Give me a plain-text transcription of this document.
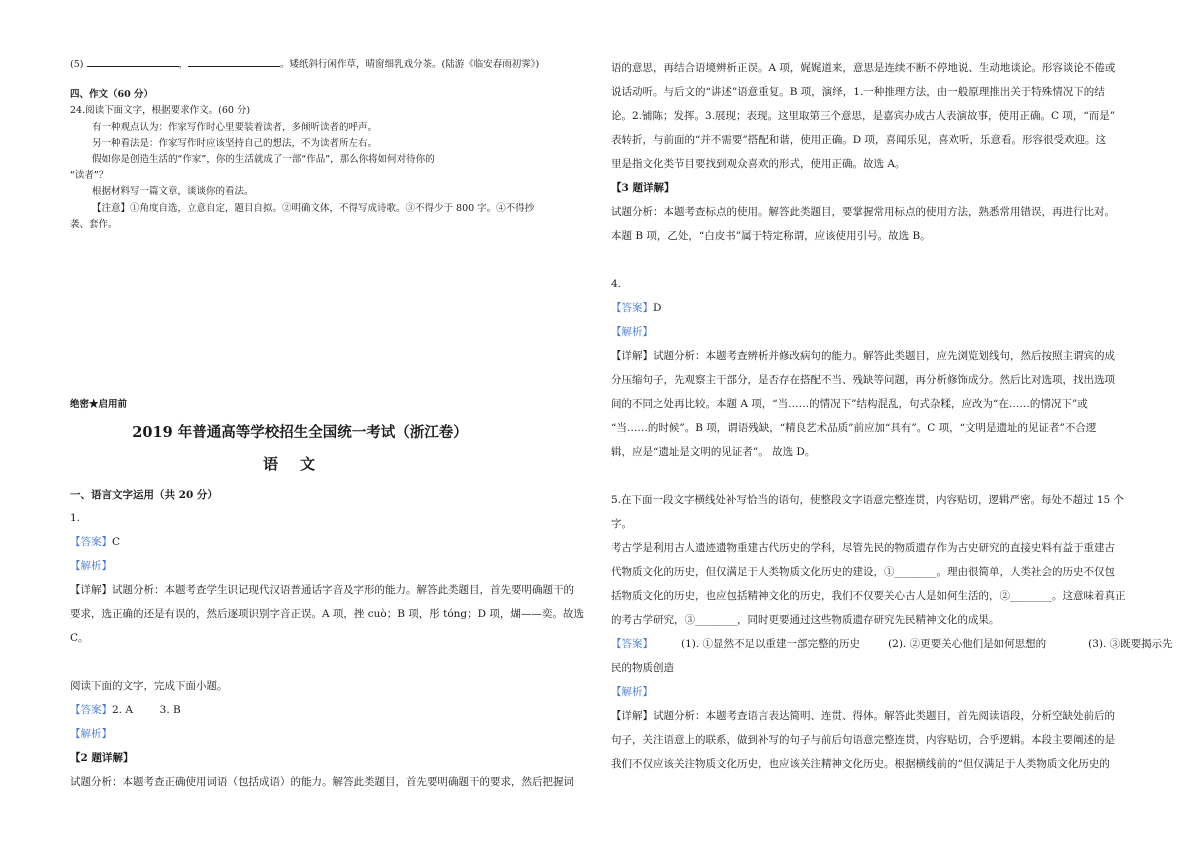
(5)	，	。矮纸斜行闲作草，晴窗细乳戏分茶。(陆游《临安春雨初霁》)
四、作文（60 分）
24.阅读下面文字，根据要求作文。(60 分)
有一种观点认为：作家写作时心里要装着读者，多倾听读者的呼声。
另一种看法是：作家写作时应该坚持自己的想法，不为读者所左右。
假如你是创造生活的“作家”，你的生活就成了一部“作品”，那么你将如何对待你的
“读者”？
根据材料写一篇文章，谈谈你的看法。
【注意】①角度自选，立意自定，题目自拟。②明确文体，不得写成诗歌。③不得少于 800 字。④不得抄
袭、套作。
绝密★启用前
2019 年普通高等学校招生全国统一考试（浙江卷）
语文
一、语言文字运用（共 20 分）
1.
【答案】C
【解析】
【详解】试题分析：本题考查学生识记现代汉语普通话字音及字形的能力。解答此类题目，首先要明确题干的
要求，选正确的还是有误的，然后逐项识别字音正误。A 项，挫 cuò；B 项，彤 tóng；D 项，煳——奕。故选
C。
阅读下面的文字，完成下面小题。
【答案】2. A        3. B
【解析】
【2 题详解】
试题分析：本题考查正确使用词语（包括成语）的能力。解答此类题目，首先要明确题干的要求，然后把握词
语的意思，再结合语境辨析正误。A 项，娓娓道来，意思是连续不断不停地说、生动地谈论。形容谈论不倦或
说话动听。与后文的“讲述”语意重复。B 项，演绎，1.一种推理方法，由一般原理推出关于特殊情况下的结
论。2.铺陈；发挥。3.展现；表现。这里取第三个意思，是嘉宾办成古人表演故事，使用正确。C 项，“而是”
表转折，与前面的“并不需要”搭配和谐，使用正确。D 项，喜闻乐见，喜欢听，乐意看。形容很受欢迎。这
里是指文化类节目要找到观众喜欢的形式，使用正确。故选 A。
【3 题详解】
试题分析：本题考查标点的使用。解答此类题目，要掌握常用标点的使用方法，熟悉常用错误，再进行比对。
本题 B 项，乙处，“白皮书”属于特定称谓，应该使用引号。故选 B。
4.
【答案】D
【解析】
【详解】试题分析：本题考查辨析并修改病句的能力。解答此类题目，应先浏览划线句，然后按照主谓宾的成
分压缩句子，先观察主干部分，是否存在搭配不当、残缺等问题，再分析修饰成分。然后比对选项，找出选项
间的不同之处再比较。本题 A 项，“当……的情况下”结构混乱，句式杂糅，应改为“在……的情况下”或
“当……的时候”。B 项，谓语残缺，“精良艺术品质”前应加“具有”。C 项，“文明是遗址的见证者”不合逻
辑，应是“遗址是文明的见证者”。 故选 D。
5.在下面一段文字横线处补写恰当的语句，使整段文字语意完整连贯，内容贴切，逻辑严密。每处不超过 15 个
字。
考古学是利用古人遗迹遗物重建古代历史的学科，尽管先民的物质遗存作为古史研究的直接史料有益于重建古
代物质文化的历史，但仅满足于人类物质文化历史的建设，①________。理由很简单，人类社会的历史不仅包
括物质文化的历史，也应包括精神文化的历史，我们不仅要关心古人是如何生活的，②________。这意味着真正
的考古学研究，③________，同时更要通过这些物质遗存研究先民精神文化的成果。
【答案】	(1). ①显然不足以重建一部完整的历史	(2). ②更要关心他们是如何思想的	(3). ③既要揭示先
民的物质创造
【解析】
【详解】试题分析：本题考查语言表达简明、连贯、得体。解答此类题目，首先阅读语段，分析空缺处前后的
句子，关注语意上的联系，做到补写的句子与前后句语意完整连贯，内容贴切，合乎逻辑。本段主要阐述的是
我们不仅应该关注物质文化历史，也应该关注精神文化历史。根据横线前的“但仅满足于人类物质文化历史的
